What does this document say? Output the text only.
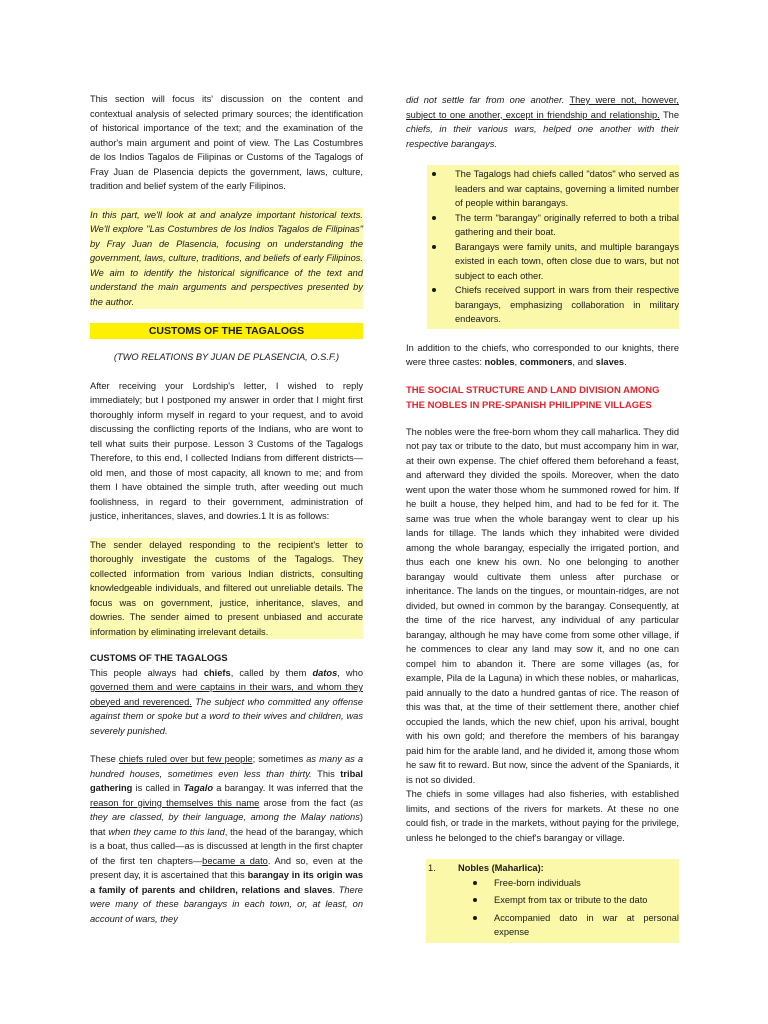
This section will focus its' discussion on the content and contextual analysis of selected primary sources; the identification of historical importance of the text; and the examination of the author's main argument and point of view. The Las Costumbres de los Indios Tagalos de Filipinas or Customs of the Tagalogs of Fray Juan de Plasencia depicts the government, laws, culture, tradition and belief system of the early Filipinos.

In this part, we'll look at and analyze important historical texts. We'll explore "Las Costumbres de los Indios Tagalos de Filipinas" by Fray Juan de Plasencia, focusing on understanding the government, laws, culture, traditions, and beliefs of early Filipinos. We aim to identify the historical significance of the text and understand the main arguments and perspectives presented by the author.

CUSTOMS OF THE TAGALOGS

(TWO RELATIONS BY JUAN DE PLASENCIA, O.S.F.)

After receiving your Lordship's letter, I wished to reply immediately; but I postponed my answer in order that I might first thoroughly inform myself in regard to your request, and to avoid discussing the conflicting reports of the Indians, who are wont to tell what suits their purpose. Lesson 3 Customs of the Tagalogs Therefore, to this end, I collected Indians from different districts—old men, and those of most capacity, all known to me; and from them I have obtained the simple truth, after weeding out much foolishness, in regard to their government, administration of justice, inheritances, slaves, and dowries.1 It is as follows:

The sender delayed responding to the recipient's letter to thoroughly investigate the customs of the Tagalogs. They collected information from various Indian districts, consulting knowledgeable individuals, and filtered out unreliable details. The focus was on government, justice, inheritance, slaves, and dowries. The sender aimed to present unbiased and accurate information by eliminating irrelevant details.

CUSTOMS OF THE TAGALOGS

This people always had chiefs, called by them datos, who governed them and were captains in their wars, and whom they obeyed and reverenced. The subject who committed any offense against them or spoke but a word to their wives and children, was severely punished.

These chiefs ruled over but few people; sometimes as many as a hundred houses, sometimes even less than thirty. This tribal gathering is called in Tagalo a barangay. It was inferred that the reason for giving themselves this name arose from the fact (as they are classed, by their language, among the Malay nations) that when they came to this land, the head of the barangay, which is a boat, thus called—as is discussed at length in the first chapter of the first ten chapters—became a dato. And so, even at the present day, it is ascertained that this barangay in its origin was a family of parents and children, relations and slaves. There were many of these barangays in each town, or, at least, on account of wars, they

did not settle far from one another. They were not, however, subject to one another, except in friendship and relationship. The chiefs, in their various wars, helped one another with their respective barangays.

The Tagalogs had chiefs called "datos" who served as leaders and war captains, governing a limited number of people within barangays.
The term "barangay" originally referred to both a tribal gathering and their boat.
Barangays were family units, and multiple barangays existed in each town, often close due to wars, but not subject to each other.
Chiefs received support in wars from their respective barangays, emphasizing collaboration in military endeavors.

In addition to the chiefs, who corresponded to our knights, there were three castes: nobles, commoners, and slaves.

THE SOCIAL STRUCTURE AND LAND DIVISION AMONG THE NOBLES IN PRE-SPANISH PHILIPPINE VILLAGES

The nobles were the free-born whom they call maharlica. They did not pay tax or tribute to the dato, but must accompany him in war, at their own expense. The chief offered them beforehand a feast, and afterward they divided the spoils. Moreover, when the dato went upon the water those whom he summoned rowed for him. If he built a house, they helped him, and had to be fed for it. The same was true when the whole barangay went to clear up his lands for tillage. The lands which they inhabited were divided among the whole barangay, especially the irrigated portion, and thus each one knew his own. No one belonging to another barangay would cultivate them unless after purchase or inheritance. The lands on the tingues, or mountain-ridges, are not divided, but owned in common by the barangay. Consequently, at the time of the rice harvest, any individual of any particular barangay, although he may have come from some other village, if he commences to clear any land may sow it, and no one can compel him to abandon it. There are some villages (as, for example, Pila de la Laguna) in which these nobles, or maharlicas, paid annually to the dato a hundred gantas of rice. The reason of this was that, at the time of their settlement there, another chief occupied the lands, which the new chief, upon his arrival, bought with his own gold; and therefore the members of his barangay paid him for the arable land, and he divided it, among those whom he saw fit to reward. But now, since the advent of the Spaniards, it is not so divided.

The chiefs in some villages had also fisheries, with established limits, and sections of the rivers for markets. At these no one could fish, or trade in the markets, without paying for the privilege, unless he belonged to the chief's barangay or village.

1. Nobles (Maharlica):
Free-born individuals
Exempt from tax or tribute to the dato
Accompanied dato in war at personal expense
